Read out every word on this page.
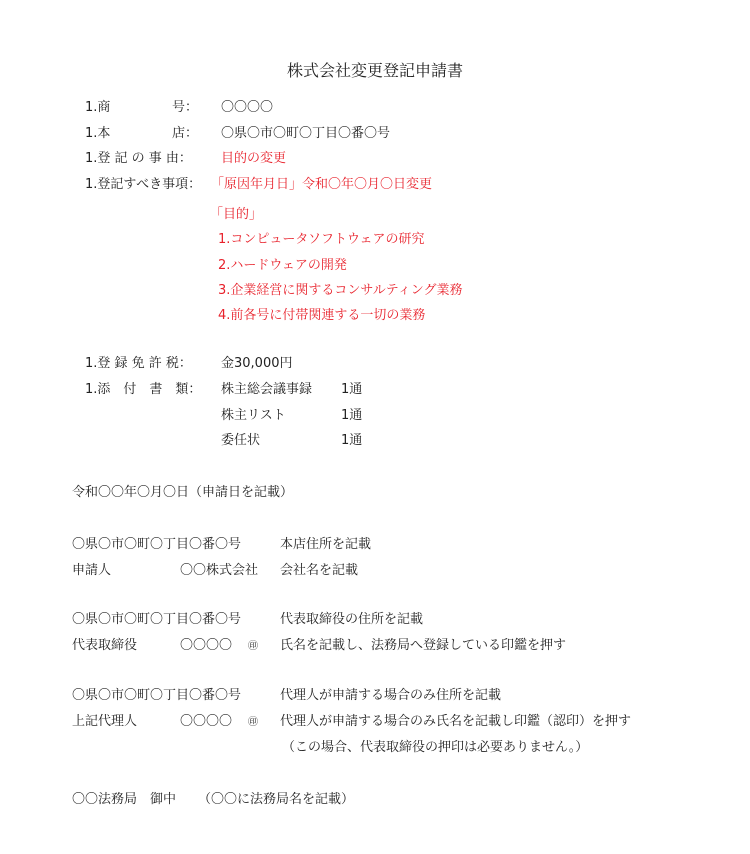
株式会社変更登記申請書
1.商	号： 〇〇〇〇
1.本	店： 〇県〇市〇町〇丁目〇番〇号
1.登 記 の 事 由： 目的の変更
1.登記すべき事項： 「原因年月日」令和〇年〇月〇日変更
「目的」
1.コンピュータソフトウェアの研究
2.ハードウェアの開発
3.企業経営に関するコンサルティング業務
4.前各号に付帯関連する一切の業務
1.登 録 免 許 税： 金30,000円
1.添　付　書　類： 株主総会議事録 1通
株主リスト	1通
委任状	1通
令和〇〇年〇月〇日（申請日を記載）
〇県〇市〇町〇丁目〇番〇号	本店住所を記載
申請人	〇〇株式会社 会社名を記載
〇県〇市〇町〇丁目〇番〇号	代表取締役の住所を記載
代表取締役	〇〇〇〇 ㊞ 氏名を記載し、法務局へ登録している印鑑を押す
〇県〇市〇町〇丁目〇番〇号	代理人が申請する場合のみ住所を記載
上記代理人	〇〇〇〇 ㊞ 代理人が申請する場合のみ氏名を記載し印鑑（認印）を押す
（この場合、代表取締役の押印は必要ありません。）
〇〇法務局　御中 （〇〇に法務局名を記載）
